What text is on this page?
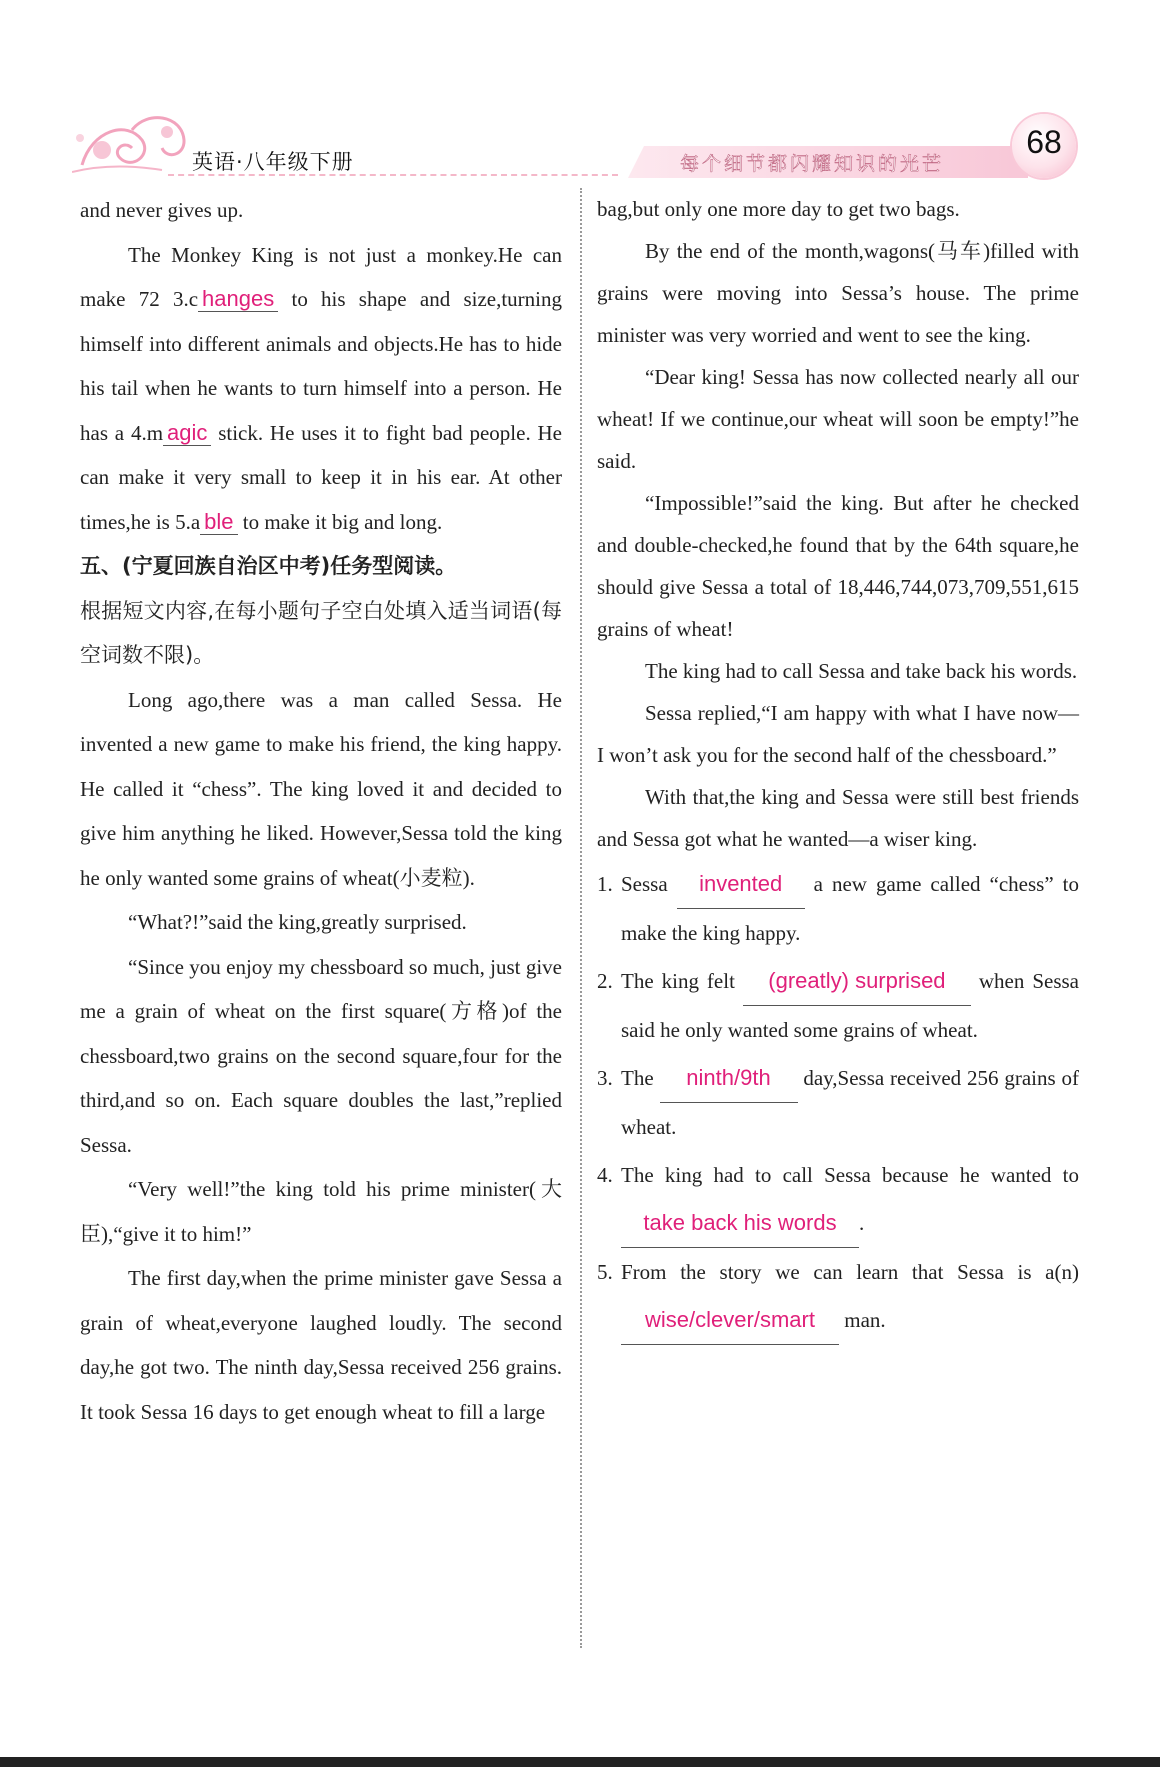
英语·八年级下册	每个细节都闪耀知识的光芒
68

and never gives up.

The Monkey King is not just a monkey.He can make 72 3.c hanges to his shape and size,turning himself into different animals and objects.He has to hide his tail when he wants to turn himself into a person. He has a 4.m agic stick. He uses it to fight bad people. He can make it very small to keep it in his ear. At other times,he is 5.a ble to make it big and long.

五、(宁夏回族自治区中考)任务型阅读。

根据短文内容,在每小题句子空白处填入适当词语(每空词数不限)。

Long ago,there was a man called Sessa. He invented a new game to make his friend, the king happy. He called it “chess”. The king loved it and decided to give him anything he liked. However,Sessa told the king he only wanted some grains of wheat(小麦粒).

“What?!”said the king,greatly surprised.

“Since you enjoy my chessboard so much, just give me a grain of wheat on the first square(方格)of the chessboard,two grains on the second square,four for the third,and so on. Each square doubles the last,”replied Sessa.

“Very well!”the king told his prime minister(大臣),“give it to him!”

The first day,when the prime minister gave Sessa a grain of wheat,everyone laughed loudly. The second day,he got two. The ninth day,Sessa received 256 grains. It took Sessa 16 days to get enough wheat to fill a large

bag,but only one more day to get two bags.

By the end of the month,wagons(马车)filled with grains were moving into Sessa’s house. The prime minister was very worried and went to see the king.

“Dear king! Sessa has now collected nearly all our wheat! If we continue,our wheat will soon be empty!”he said.

“Impossible!”said the king. But after he checked and double-checked,he found that by the 64th square,he should give Sessa a total of 18,446,744,073,709,551,615 grains of wheat!

The king had to call Sessa and take back his words.

Sessa replied,“I am happy with what I have now—I won’t ask you for the second half of the chessboard.”

With that,the king and Sessa were still best friends and Sessa got what he wanted—a wiser king.

1. Sessa invented a new game called “chess” to make the king happy.

2. The king felt (greatly) surprised when Sessa said he only wanted some grains of wheat.

3. The ninth/9th day,Sessa received 256 grains of wheat.

4. The king had to call Sessa because he wanted to take back his words .

5. From the story we can learn that Sessa is a(n) wise/clever/smart man.
